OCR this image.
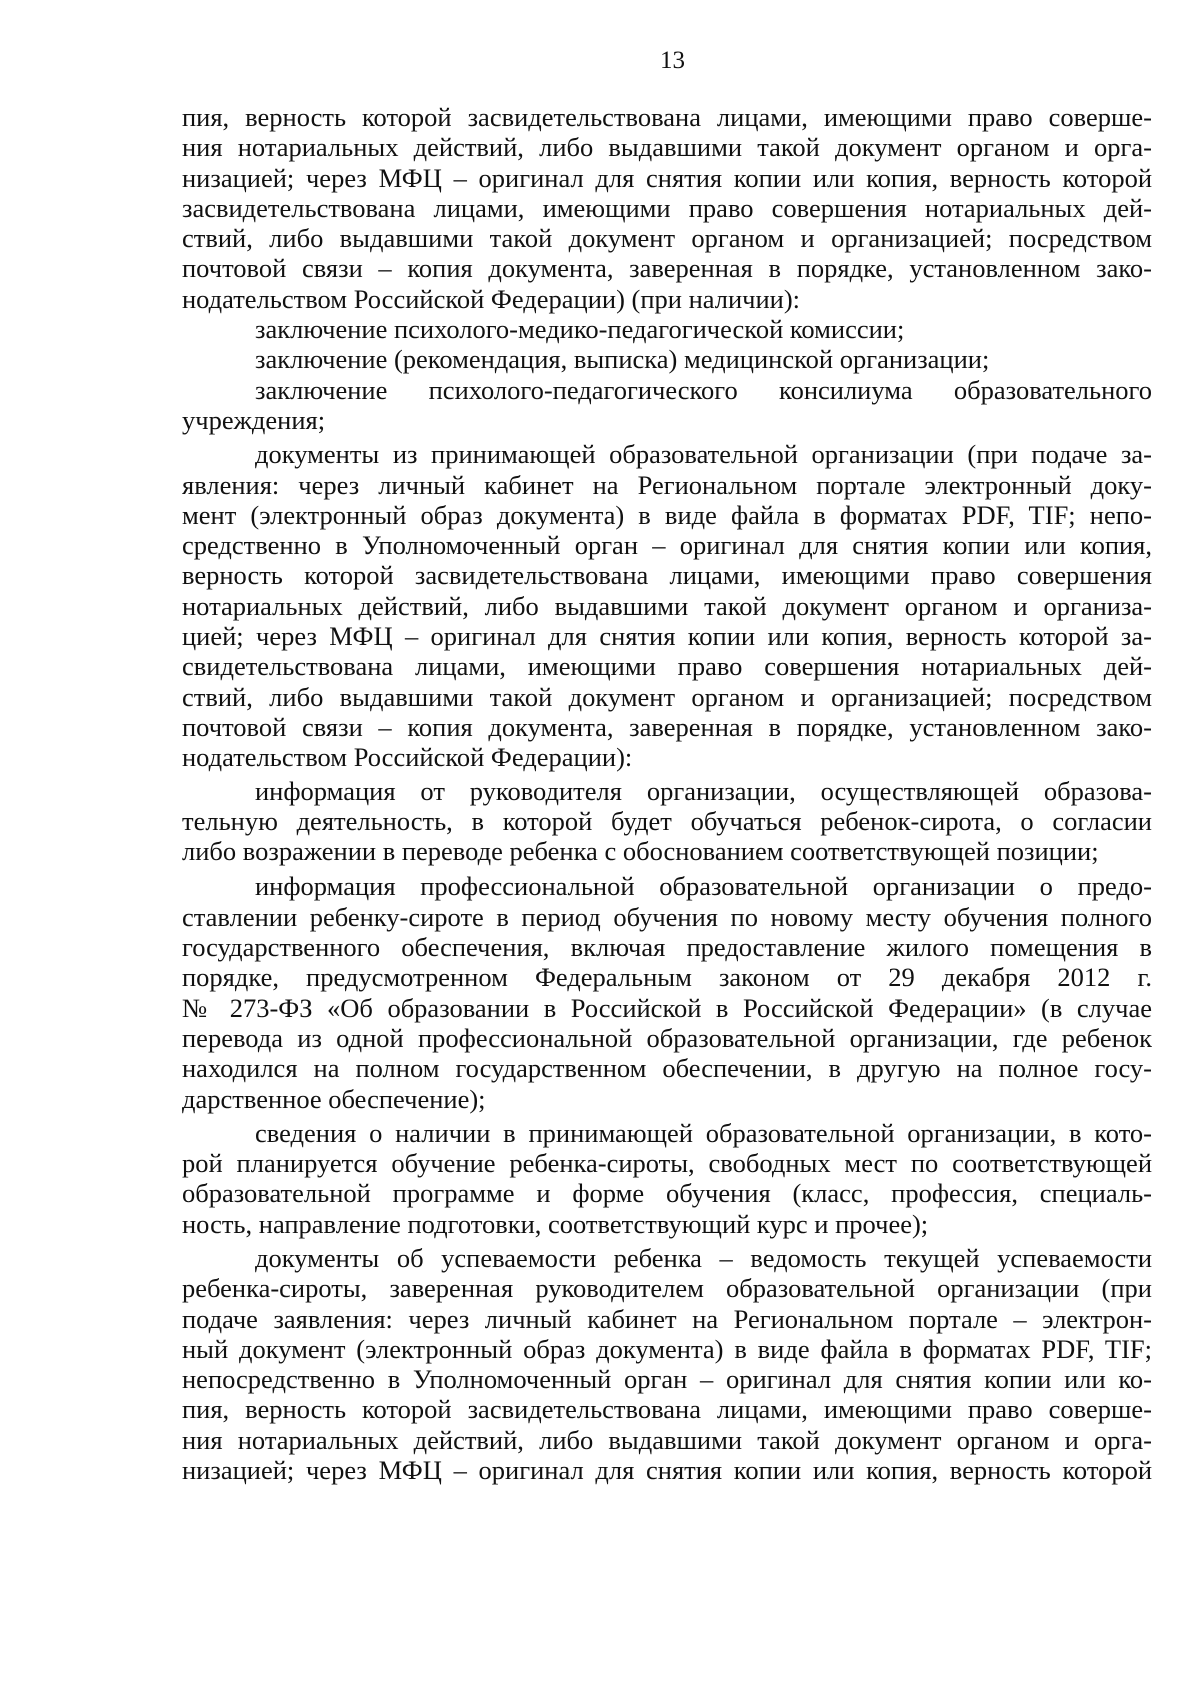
13
пия, верность которой засвидетельствована лицами, имеющими право соверше-
ния нотариальных действий, либо выдавшими такой документ органом и орга-
низацией; через МФЦ – оригинал для снятия копии или копия, верность которой
засвидетельствована лицами, имеющими право совершения нотариальных дей-
ствий, либо выдавшими такой документ органом и организацией; посредством
почтовой связи – копия документа, заверенная в порядке, установленном зако-
нодательством Российской Федерации) (при наличии):
заключение психолого-медико-педагогической комиссии;
заключение (рекомендация, выписка) медицинской организации;
заключение психолого-педагогического консилиума образовательного
учреждения;
документы из принимающей образовательной организации (при подаче за-
явления: через личный кабинет на Региональном портале электронный доку-
мент (электронный образ документа) в виде файла в форматах PDF, TIF; непо-
средственно в Уполномоченный орган – оригинал для снятия копии или копия,
верность которой засвидетельствована лицами, имеющими право совершения
нотариальных действий, либо выдавшими такой документ органом и организа-
цией; через МФЦ – оригинал для снятия копии или копия, верность которой за-
свидетельствована лицами, имеющими право совершения нотариальных дей-
ствий, либо выдавшими такой документ органом и организацией; посредством
почтовой связи – копия документа, заверенная в порядке, установленном зако-
нодательством Российской Федерации):
информация от руководителя организации, осуществляющей образова-
тельную деятельность, в которой будет обучаться ребенок-сирота, о согласии
либо возражении в переводе ребенка с обоснованием соответствующей позиции;
информация профессиональной образовательной организации о предо-
ставлении ребенку-сироте в период обучения по новому месту обучения полного
государственного обеспечения, включая предоставление жилого помещения в
порядке, предусмотренном Федеральным законом от 29 декабря 2012 г.
№ 273-ФЗ «Об образовании в Российской в Российской Федерации» (в случае
перевода из одной профессиональной образовательной организации, где ребенок
находился на полном государственном обеспечении, в другую на полное госу-
дарственное обеспечение);
сведения о наличии в принимающей образовательной организации, в кото-
рой планируется обучение ребенка-сироты, свободных мест по соответствующей
образовательной программе и форме обучения (класс, профессия, специаль-
ность, направление подготовки, соответствующий курс и прочее);
документы об успеваемости ребенка – ведомость текущей успеваемости
ребенка-сироты, заверенная руководителем образовательной организации (при
подаче заявления: через личный кабинет на Региональном портале – электрон-
ный документ (электронный образ документа) в виде файла в форматах PDF, TIF;
непосредственно в Уполномоченный орган – оригинал для снятия копии или ко-
пия, верность которой засвидетельствована лицами, имеющими право соверше-
ния нотариальных действий, либо выдавшими такой документ органом и орга-
низацией; через МФЦ – оригинал для снятия копии или копия, верность которой
